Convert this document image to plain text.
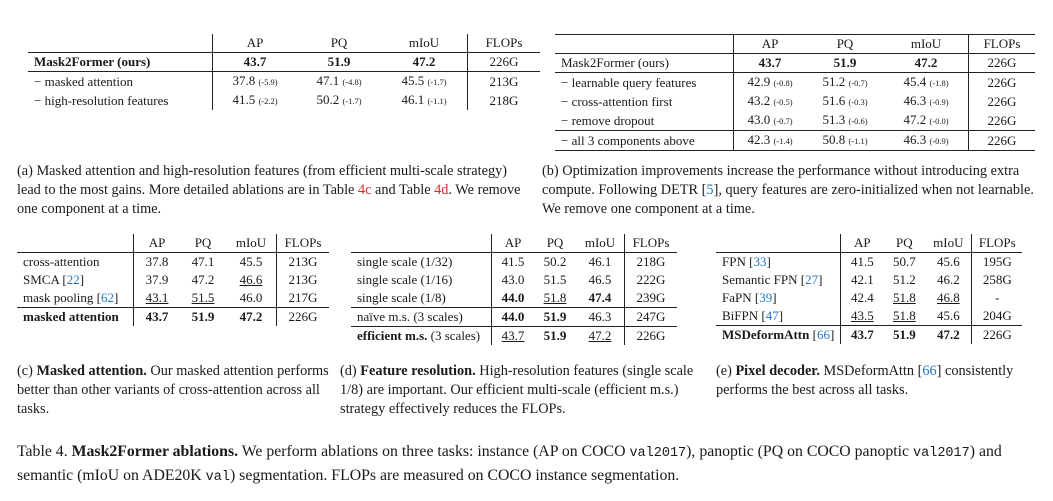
	AP	PQ	mIoU	FLOPs
Mask2Former (ours)	43.7	51.9	47.2	226G
− masked attention	37.8 (-5.9)	47.1 (-4.8)	45.5 (-1.7)	213G
− high-resolution features	41.5 (-2.2)	50.2 (-1.7)	46.1 (-1.1)	218G
	AP	PQ	mIoU	FLOPs
Mask2Former (ours)	43.7	51.9	47.2	226G
− learnable query features	42.9 (-0.8)	51.2 (-0.7)	45.4 (-1.8)	226G
− cross-attention first	43.2 (-0.5)	51.6 (-0.3)	46.3 (-0.9)	226G
− remove dropout	43.0 (-0.7)	51.3 (-0.6)	47.2 (-0.0)	226G
− all 3 components above	42.3 (-1.4)	50.8 (-1.1)	46.3 (-0.9)	226G
(a) Masked attention and high-resolution features (from efficient multi-scale strategy) lead to the most gains. More detailed ablations are in Table 4c and Table 4d. We remove one component at a time.
(b) Optimization improvements increase the performance without introducing extra compute. Following DETR [5], query features are zero-initialized when not learnable. We remove one component at a time.
	AP	PQ	mIoU	FLOPs
cross-attention	37.8	47.1	45.5	213G
SMCA [22]	37.9	47.2	46.6	213G
mask pooling [62]	43.1	51.5	46.0	217G
masked attention	43.7	51.9	47.2	226G
	AP	PQ	mIoU	FLOPs
single scale (1/32)	41.5	50.2	46.1	218G
single scale (1/16)	43.0	51.5	46.5	222G
single scale (1/8)	44.0	51.8	47.4	239G
naïve m.s. (3 scales)	44.0	51.9	46.3	247G
efficient m.s. (3 scales)	43.7	51.9	47.2	226G
	AP	PQ	mIoU	FLOPs
FPN [33]	41.5	50.7	45.6	195G
Semantic FPN [27]	42.1	51.2	46.2	258G
FaPN [39]	42.4	51.8	46.8	-
BiFPN [47]	43.5	51.8	45.6	204G
MSDeformAttn [66]	43.7	51.9	47.2	226G
(c) Masked attention. Our masked attention performs better than other variants of cross-attention across all tasks.
(d) Feature resolution. High-resolution features (single scale 1/8) are important. Our efficient multi-scale (efficient m.s.) strategy effectively reduces the FLOPs.
(e) Pixel decoder. MSDeformAttn [66] consistently performs the best across all tasks.
Table 4. Mask2Former ablations. We perform ablations on three tasks: instance (AP on COCO val2017), panoptic (PQ on COCO panoptic val2017) and semantic (mIoU on ADE20K val) segmentation. FLOPs are measured on COCO instance segmentation.
